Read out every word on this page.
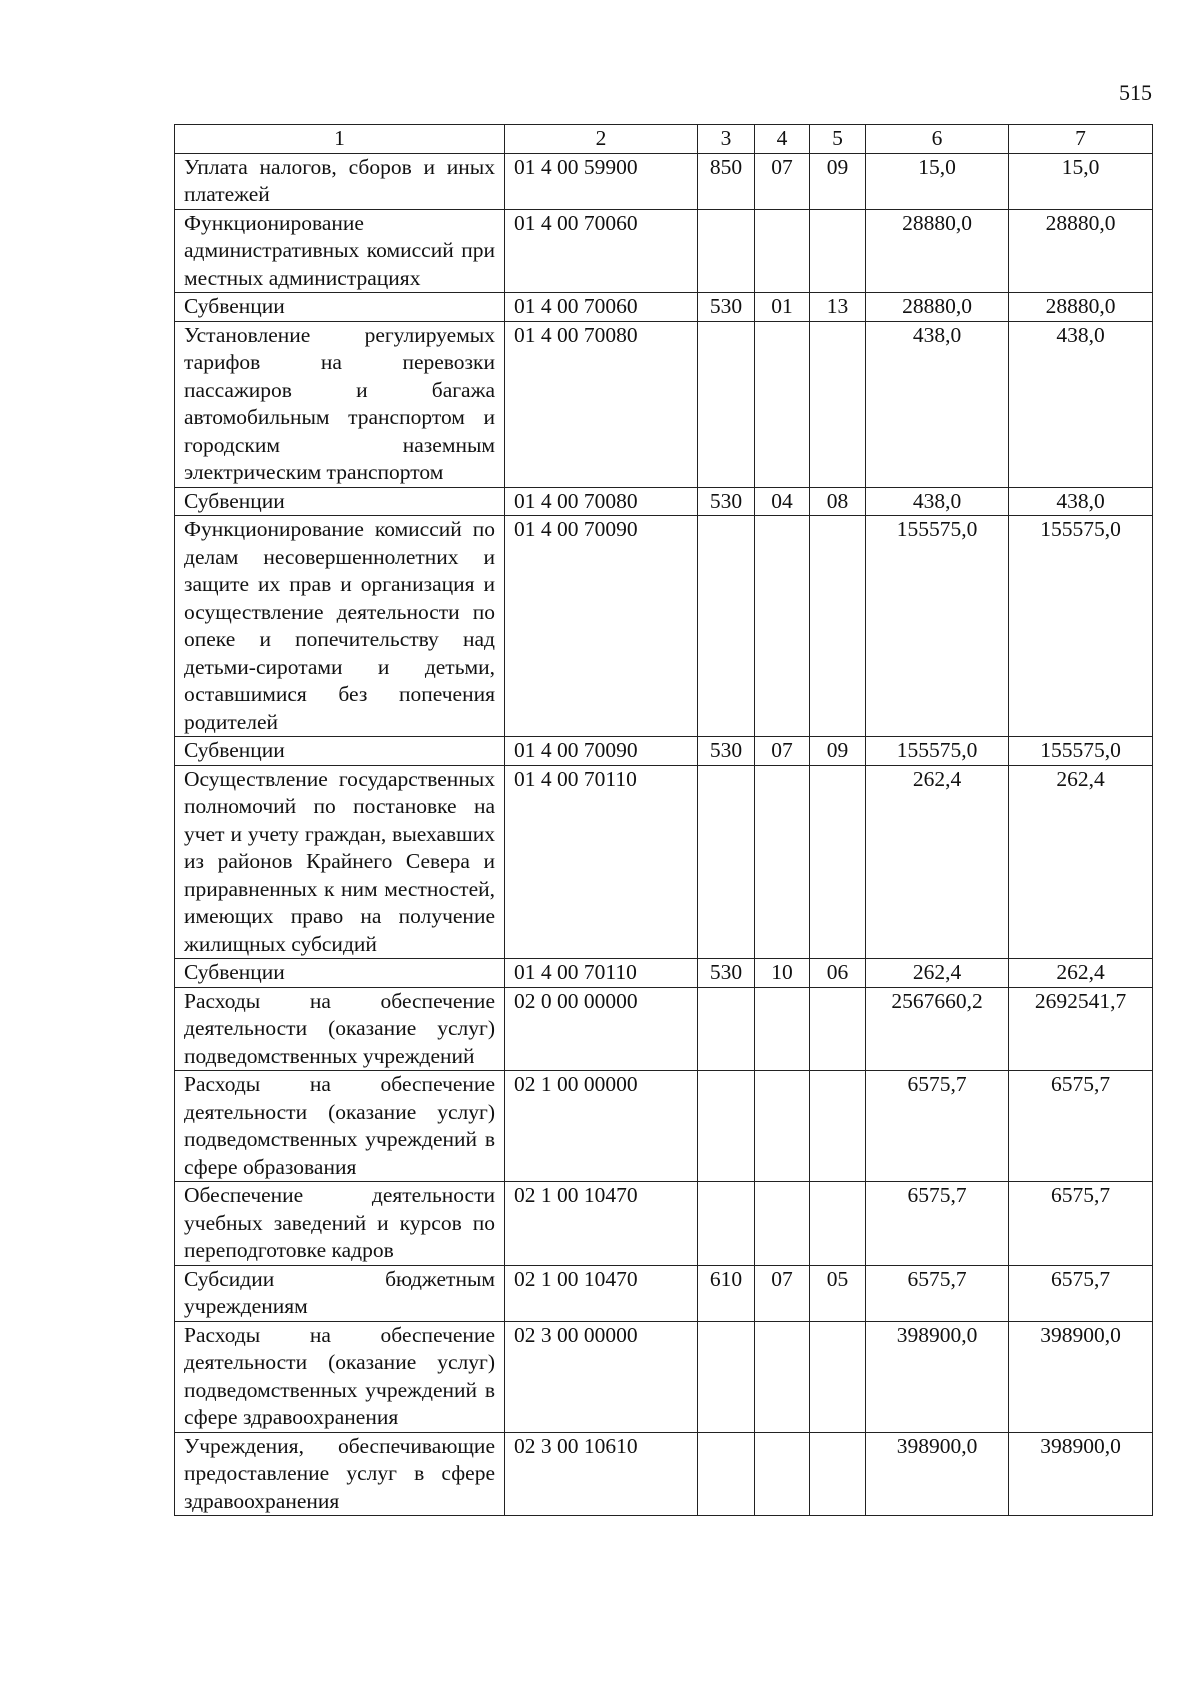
515
1	2	3	4	5	6	7
Уплата налогов, сборов и иных платежей	01 4 00 59900	850	07	09	15,0	15,0
Функционирование административных комиссий при местных администрациях	01 4 00 70060				28880,0	28880,0
Субвенции	01 4 00 70060	530	01	13	28880,0	28880,0
Установление регулируемых тарифов на перевозки пассажиров и багажа автомобильным транспортом и городским наземным электрическим транспортом	01 4 00 70080				438,0	438,0
Субвенции	01 4 00 70080	530	04	08	438,0	438,0
Функционирование комиссий по делам несовершеннолетних и защите их прав и организация и осуществление деятельности по опеке и попечительству над детьми-сиротами и детьми, оставшимися без попечения родителей	01 4 00 70090				155575,0	155575,0
Субвенции	01 4 00 70090	530	07	09	155575,0	155575,0
Осуществление государственных полномочий по постановке на учет и учету граждан, выехавших из районов Крайнего Севера и приравненных к ним местностей, имеющих право на получение жилищных субсидий	01 4 00 70110				262,4	262,4
Субвенции	01 4 00 70110	530	10	06	262,4	262,4
Расходы на обеспечение деятельности (оказание услуг) подведомственных учреждений	02 0 00 00000				2567660,2	2692541,7
Расходы на обеспечение деятельности (оказание услуг) подведомственных учреждений в сфере образования	02 1 00 00000				6575,7	6575,7
Обеспечение деятельности учебных заведений и курсов по переподготовке кадров	02 1 00 10470				6575,7	6575,7
Субсидии бюджетным учреждениям	02 1 00 10470	610	07	05	6575,7	6575,7
Расходы на обеспечение деятельности (оказание услуг) подведомственных учреждений в сфере здравоохранения	02 3 00 00000				398900,0	398900,0
Учреждения, обеспечивающие предоставление услуг в сфере здравоохранения	02 3 00 10610				398900,0	398900,0
